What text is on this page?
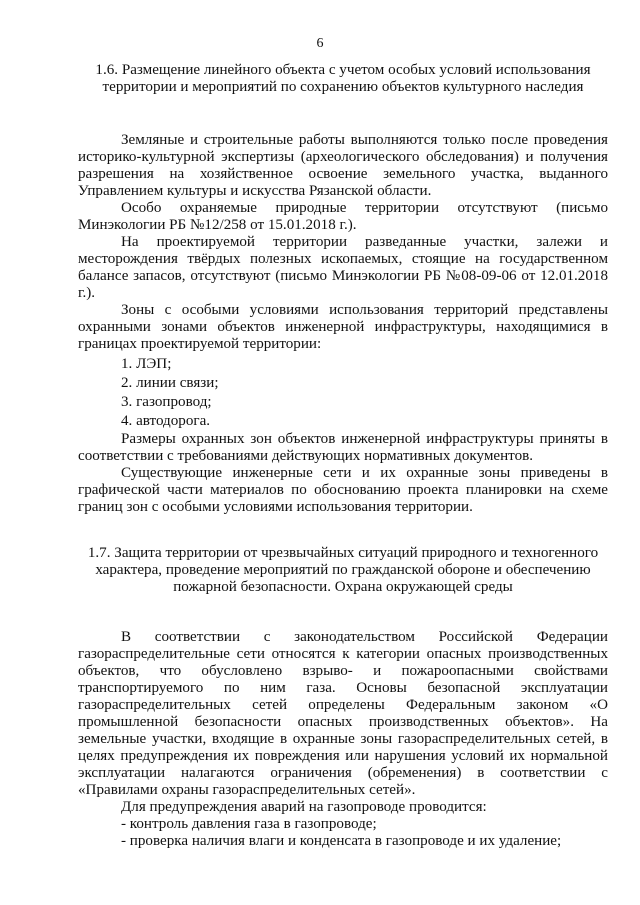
6

1.6. Размещение линейного объекта с учетом особых условий использования территории и мероприятий по сохранению объектов культурного наследия

Земляные и строительные работы выполняются только после проведения историко-культурной экспертизы (археологического обследования) и получения разрешения на хозяйственное освоение земельного участка, выданного Управлением культуры и искусства Рязанской области.

Особо охраняемые природные территории отсутствуют (письмо Минэкологии РБ №12/258 от 15.01.2018 г.).

На проектируемой территории разведанные участки, залежи и месторождения твёрдых полезных ископаемых, стоящие на государственном балансе запасов, отсутствуют (письмо Минэкологии РБ №08-09-06 от 12.01.2018 г.).

Зоны с особыми условиями использования территорий представлены охранными зонами объектов инженерной инфраструктуры, находящимися в границах проектируемой территории:

1. ЛЭП;

2. линии связи;

3. газопровод;

4. автодорога.

Размеры охранных зон объектов инженерной инфраструктуры приняты в соответствии с требованиями действующих нормативных документов.

Существующие инженерные сети и их охранные зоны приведены в графической части материалов по обоснованию проекта планировки на схеме границ зон с особыми условиями использования территории.

1.7. Защита территории от чрезвычайных ситуаций природного и техногенного характера, проведение мероприятий по гражданской обороне и обеспечению пожарной безопасности. Охрана окружающей среды

В соответствии с законодательством Российской Федерации газораспределительные сети относятся к категории опасных производственных объектов, что обусловлено взрыво- и пожароопасными свойствами транспортируемого по ним газа. Основы безопасной эксплуатации газораспределительных сетей определены Федеральным законом «О промышленной безопасности опасных производственных объектов». На земельные участки, входящие в охранные зоны газораспределительных сетей, в целях предупреждения их повреждения или нарушения условий их нормальной эксплуатации налагаются ограничения (обременения) в соответствии с «Правилами охраны газораспределительных сетей».

Для предупреждения аварий на газопроводе проводится:

- контроль давления газа в газопроводе;

- проверка наличия влаги и конденсата в газопроводе и их удаление;
